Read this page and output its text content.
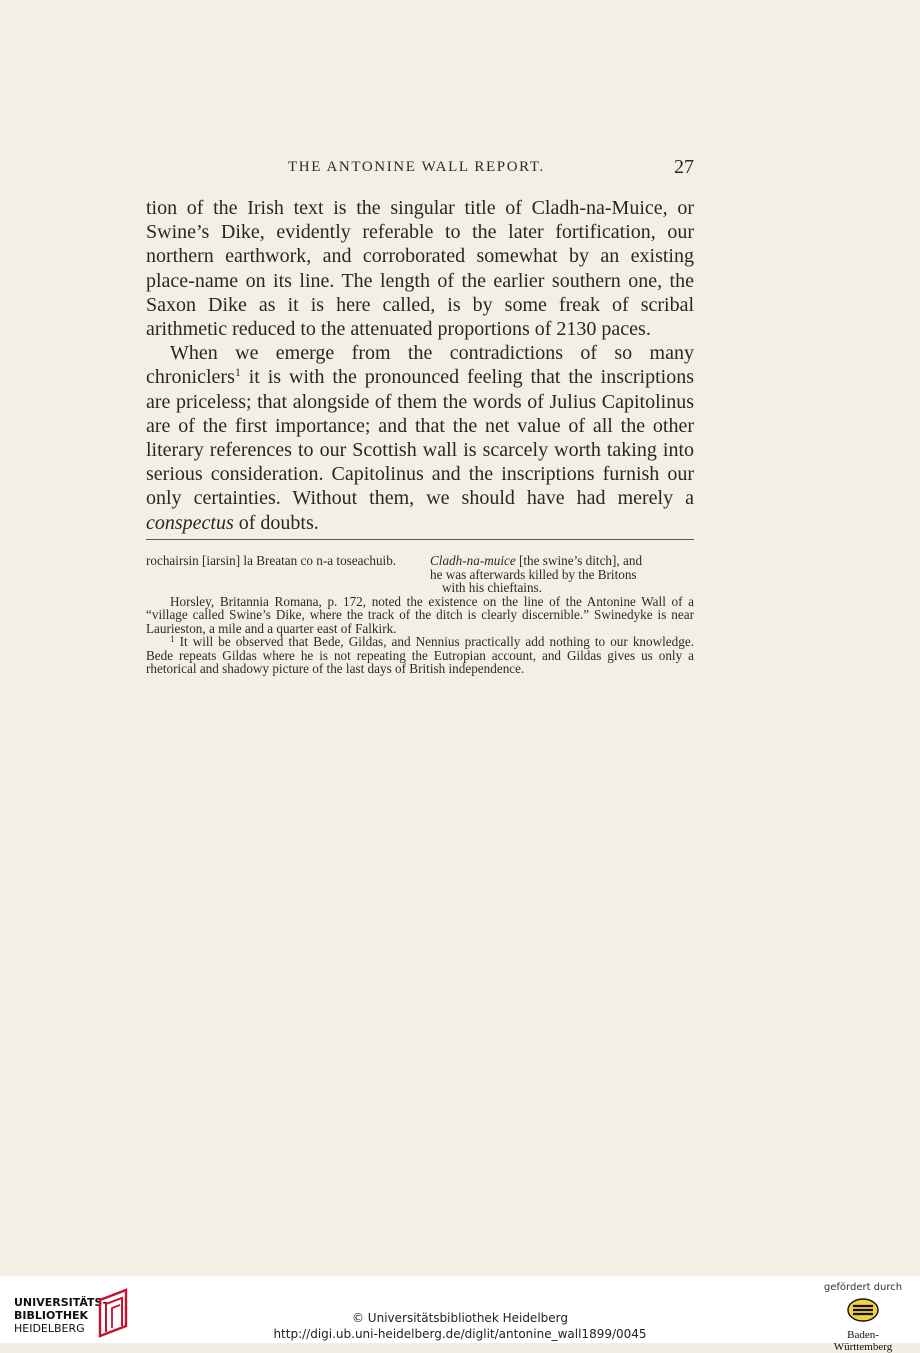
THE ANTONINE WALL REPORT.	27

tion of the Irish text is the singular title of Cladh-na-Muice, or Swine’s Dike, evidently referable to the later fortification, our northern earthwork, and corroborated somewhat by an existing place-name on its line. The length of the earlier southern one, the Saxon Dike as it is here called, is by some freak of scribal arithmetic reduced to the attenuated proportions of 2130 paces.

When we emerge from the contradictions of so many chroniclers$^1$ it is with the pronounced feeling that the inscriptions are priceless; that alongside of them the words of Julius Capitolinus are of the first importance; and that the net value of all the other literary references to our Scottish wall is scarcely worth taking into serious consideration. Capitolinus and the inscriptions furnish our only certainties. Without them, we should have had merely a conspectus of doubts.

rochairsin [iarsin] la Breatan co n-a toseachuib.	Cladh-na-muice [the swine’s ditch], and
he was afterwards killed by the Britons
with his chieftains.

Horsley, Britannia Romana, p. 172, noted the existence on the line of the Antonine Wall of a “village called Swine’s Dike, where the track of the ditch is clearly discernible.” Swinedyke is near Laurieston, a mile and a quarter east of Falkirk.

$^1$ It will be observed that Bede, Gildas, and Nennius practically add nothing to our knowledge. Bede repeats Gildas where he is not repeating the Eutropian account, and Gildas gives us only a rhetorical and shadowy picture of the last days of British independence.

UNIVERSITÄTS-
BIBLIOTHEK
HEIDELBERG
© Universitätsbibliothek Heidelberg
http://digi.ub.uni-heidelberg.de/diglit/antonine_wall1899/0045
gefördert durch
Baden-Württemberg
